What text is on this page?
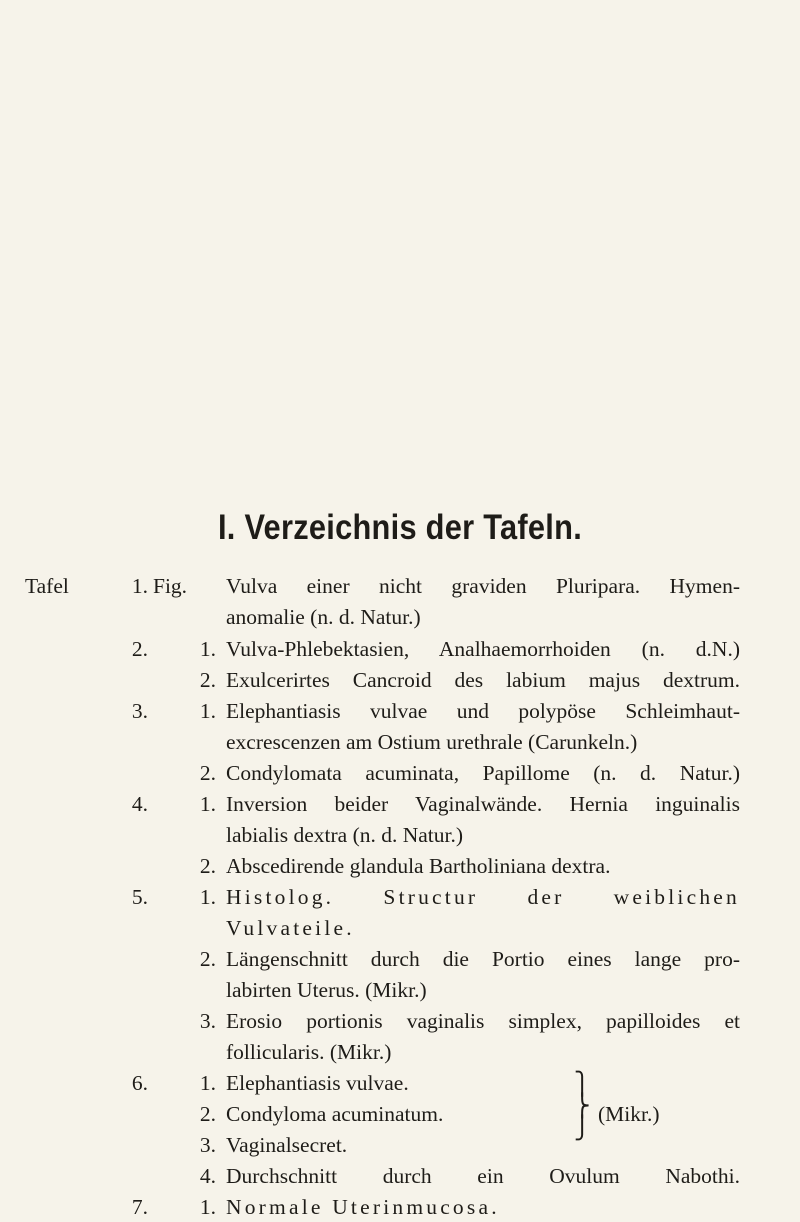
I. Verzeichnis der Tafeln.
Tafel	1. Fig. Vulva einer nicht graviden Pluripara. Hymen-
anomalie (n. d. Natur.)
2.	1. Vulva-Phlebektasien, Analhaemorrhoiden (n. d.N.)
2. Exulcerirtes Cancroid des labium majus dextrum.
3.	1. Elephantiasis vulvae und polypöse Schleimhaut-
excrescenzen am Ostium urethrale (Carunkeln.)
2. Condylomata acuminata, Papillome (n. d. Natur.)
4.	1. Inversion beider Vaginalwände. Hernia inguinalis
labialis dextra (n. d. Natur.)
2. Abscedirende glandula Bartholiniana dextra.
5.	1. Histolog. Structur der weiblichen
Vulvateile.
2. Längenschnitt durch die Portio eines lange pro-
labirten Uterus. (Mikr.)
3. Erosio portionis vaginalis simplex, papilloides et
follicularis. (Mikr.)
6.	1. Elephantiasis vulvae.
2. Condyloma acuminatum.
3. Vaginalsecret.
⎫
⎬
⎭
(Mikr.)
4. Durchschnitt durch ein Ovulum Nabothi.
7.	1. Normale Uterinmucosa.
